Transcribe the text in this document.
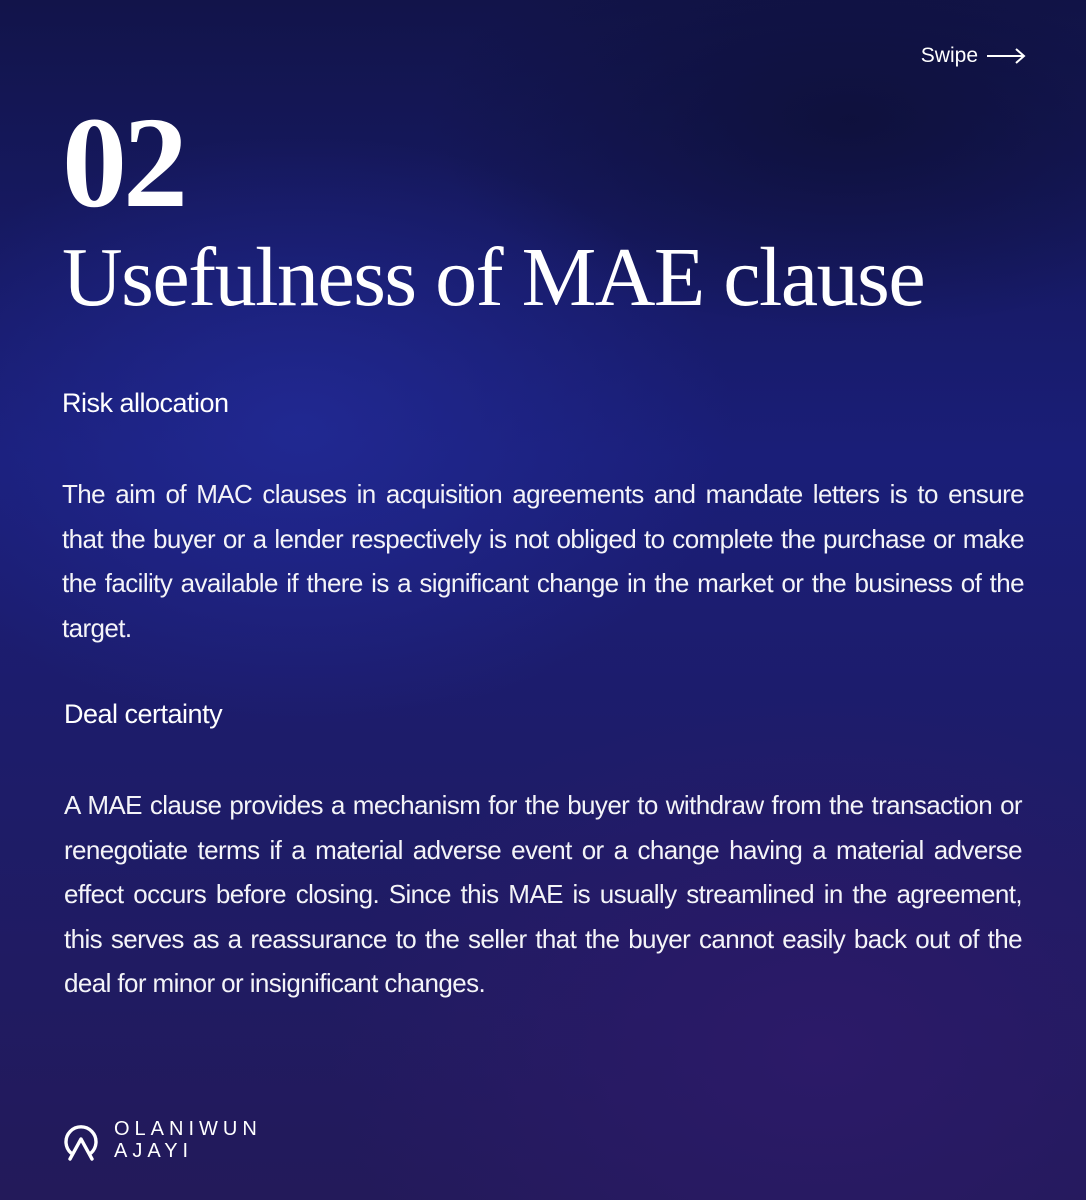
Swipe
02
Usefulness of MAE clause
Risk allocation

The aim of MAC clauses in acquisition agreements and mandate letters is to ensure that the buyer or a lender respectively is not obliged to complete the purchase or make the facility available if there is a significant change in the market or the business of the target.

Deal certainty

A MAE clause provides a mechanism for the buyer to withdraw from the transaction or renegotiate terms if a material adverse event or a change having a material adverse effect occurs before closing. Since this MAE is usually streamlined in the agreement, this serves as a reassurance to the seller that the buyer cannot easily back out of the deal for minor or insignificant changes.

OLANIWUN
AJAYI
